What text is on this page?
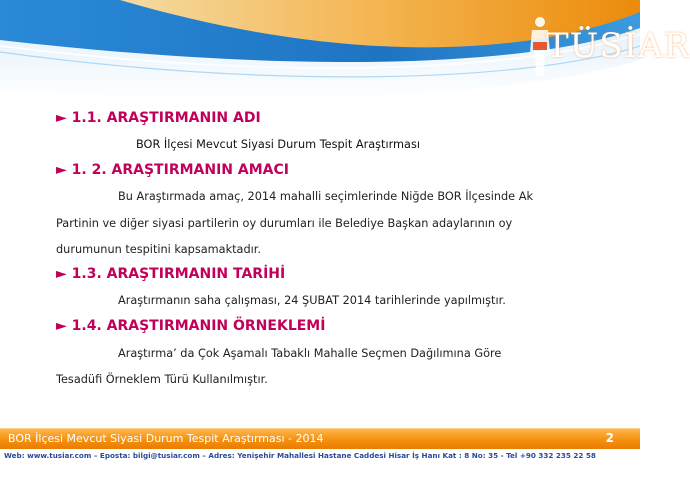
TÜSİAR
► 1.1. ARAŞTIRMANIN ADI
BOR İlçesi Mevcut Siyasi Durum Tespit Araştırması
► 1. 2. ARAŞTIRMANIN AMACI
Bu Araştırmada amaç, 2014 mahalli seçimlerinde Niğde BOR İlçesinde Ak
Partinin ve diğer siyasi partilerin oy durumları ile Belediye Başkan adaylarının oy
durumunun tespitini kapsamaktadır.
► 1.3. ARAŞTIRMANIN TARİHİ
Araştırmanın saha çalışması, 24 ŞUBAT 2014 tarihlerinde yapılmıştır.
► 1.4. ARAŞTIRMANIN ÖRNEKLEMİ
Araştırma’ da Çok Aşamalı Tabaklı Mahalle Seçmen Dağılımına Göre
Tesadüfi Örneklem Türü Kullanılmıştır.
BOR İlçesi Mevcut Siyasi Durum Tespit Araştırması - 2014	2
Web: www.tusiar.com – Eposta: bilgi@tusiar.com – Adres: Yenişehir Mahallesi Hastane Caddesi Hisar İş Hanı Kat : 8 No: 35 - Tel +90 332 235 22 58
